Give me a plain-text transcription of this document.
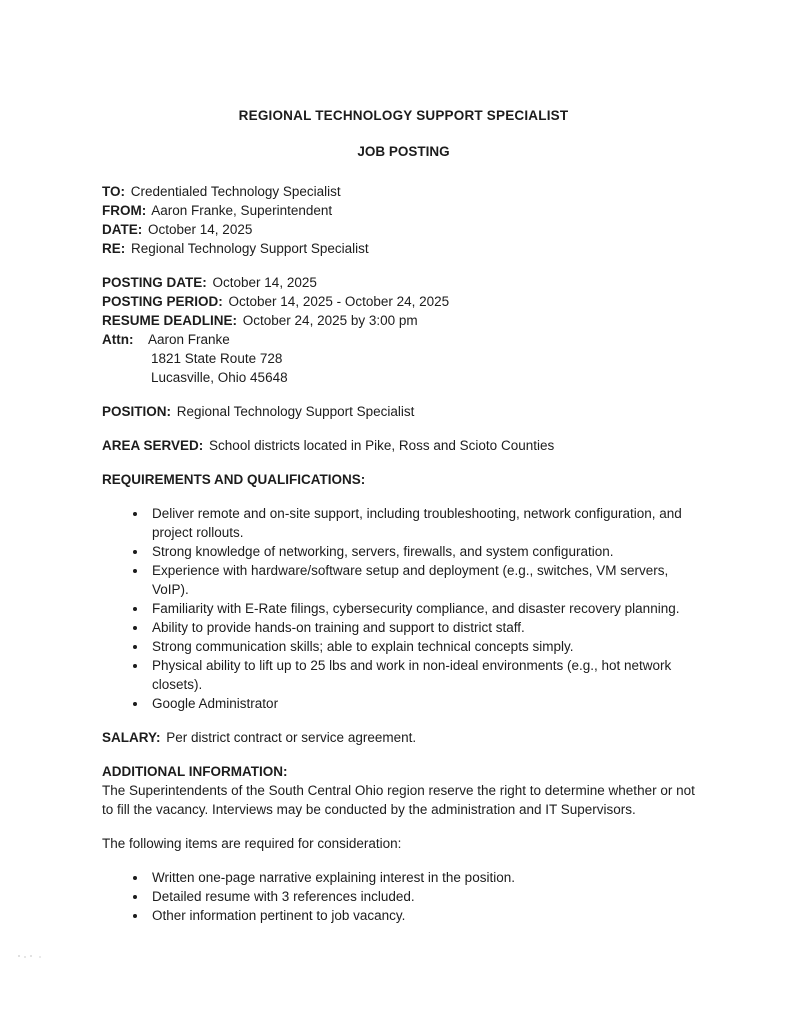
REGIONAL TECHNOLOGY SUPPORT SPECIALIST
JOB POSTING
TO: Credentialed Technology Specialist
FROM: Aaron Franke, Superintendent
DATE: October 14, 2025
RE: Regional Technology Support Specialist
POSTING DATE: October 14, 2025
POSTING PERIOD: October 14, 2025 - October 24, 2025
RESUME DEADLINE: October 24, 2025 by 3:00 pm
Attn: Aaron Franke
1821 State Route 728
Lucasville, Ohio 45648
POSITION: Regional Technology Support Specialist
AREA SERVED: School districts located in Pike, Ross and Scioto Counties
REQUIREMENTS AND QUALIFICATIONS:
• Deliver remote and on-site support, including troubleshooting, network configuration, and project rollouts.
• Strong knowledge of networking, servers, firewalls, and system configuration.
• Experience with hardware/software setup and deployment (e.g., switches, VM servers, VoIP).
• Familiarity with E-Rate filings, cybersecurity compliance, and disaster recovery planning.
• Ability to provide hands-on training and support to district staff.
• Strong communication skills; able to explain technical concepts simply.
• Physical ability to lift up to 25 lbs and work in non-ideal environments (e.g., hot network closets).
• Google Administrator
SALARY: Per district contract or service agreement.
ADDITIONAL INFORMATION:

The Superintendents of the South Central Ohio region reserve the right to determine whether or not to fill the vacancy. Interviews may be conducted by the administration and IT Supervisors.

The following items are required for consideration:
• Written one-page narrative explaining interest in the position.
• Detailed resume with 3 references included.
• Other information pertinent to job vacancy.
